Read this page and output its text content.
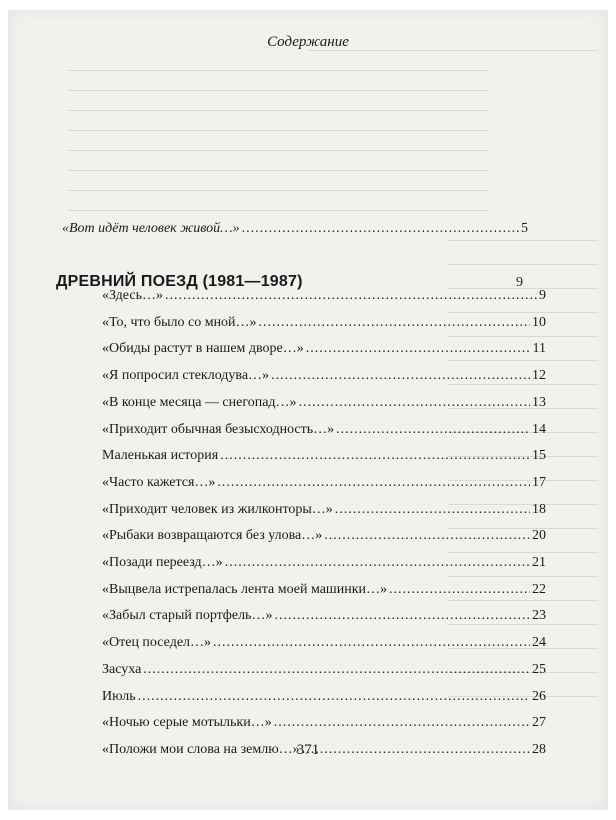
Содержание
«Вот идёт человек живой…» .....	5
ДРЕВНИЙ ПОЕЗД (1981—1987)
«Здесь…» .....	9
«То, что было со мной…» .....	10
«Обиды растут в нашем дворе…» .....	11
«Я попросил стеклодува…» .....	12
«В конце месяца — снегопад…» .....	13
«Приходит обычная безысходность…» .....	14
Маленькая история .....	15
«Часто кажется…» .....	17
«Приходит человек из жилконторы…» .....	18
«Рыбаки возвращаются без улова…» .....	20
«Позади переезд…» .....	21
«Выцвела истрепалась лента моей машинки…» .....	22
«Забыл старый портфель…» .....	23
«Отец поседел…» .....	24
Засуха .....	25
Июль .....	26
«Ночью серые мотыльки…» .....	27
«Положи мои слова на землю…» .....	28
9
371
